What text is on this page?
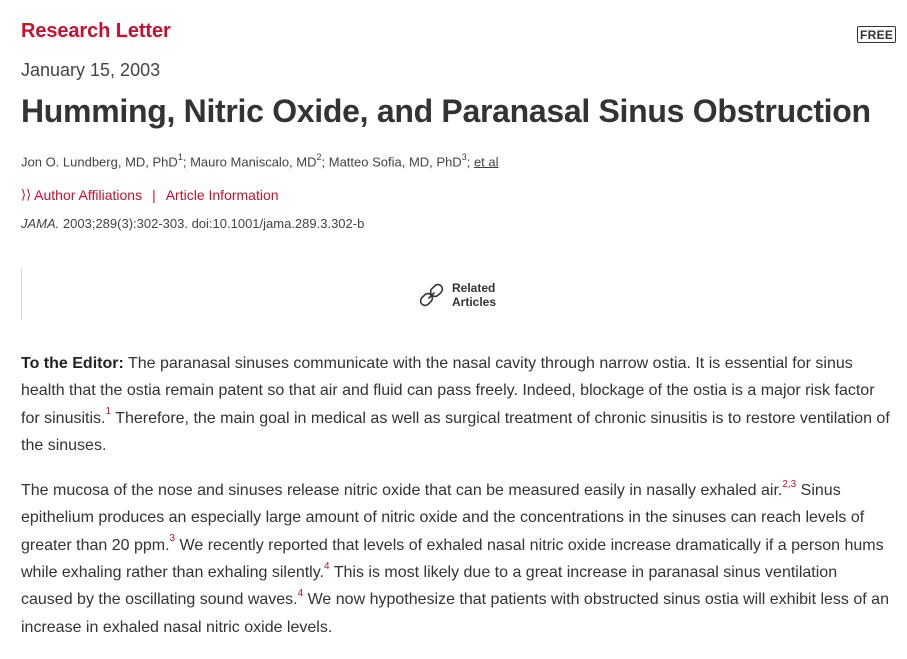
Research Letter	FREE
January 15, 2003
Humming, Nitric Oxide, and Paranasal Sinus Obstruction
Jon O. Lundberg, MD, PhD$^1$; Mauro Maniscalo, $MD^2$; Matteo Sofia, MD, PhD$^3$; et al
⟩⟩ Author Affiliations | Article Information
JAMA. 2003;289(3):302-303. doi:10.1001/jama.289.3.302-b
Related
Articles

To the Editor: The paranasal sinuses communicate with the nasal cavity through narrow ostia. It is essential for sinus health that the ostia remain patent so that air and fluid can pass freely. Indeed, blockage of the ostia is a major risk factor for sinusitis.$^1$ Therefore, the main goal in medical as well as surgical treatment of chronic sinusitis is to restore ventilation of the sinuses.

The mucosa of the nose and sinuses release nitric oxide that can be measured easily in nasally exhaled air.$^{2,3}$ Sinus epithelium produces an especially large amount of nitric oxide and the concentrations in the sinuses can reach levels of greater than 20 ppm.$^3$ We recently reported that levels of exhaled nasal nitric oxide increase dramatically if a person hums while exhaling rather than exhaling silently.$^4$ This is most likely due to a great increase in paranasal sinus ventilation caused by the oscillating sound waves.$^4$ We now hypothesize that patients with obstructed sinus ostia will exhibit less of an increase in exhaled nasal nitric oxide levels.
